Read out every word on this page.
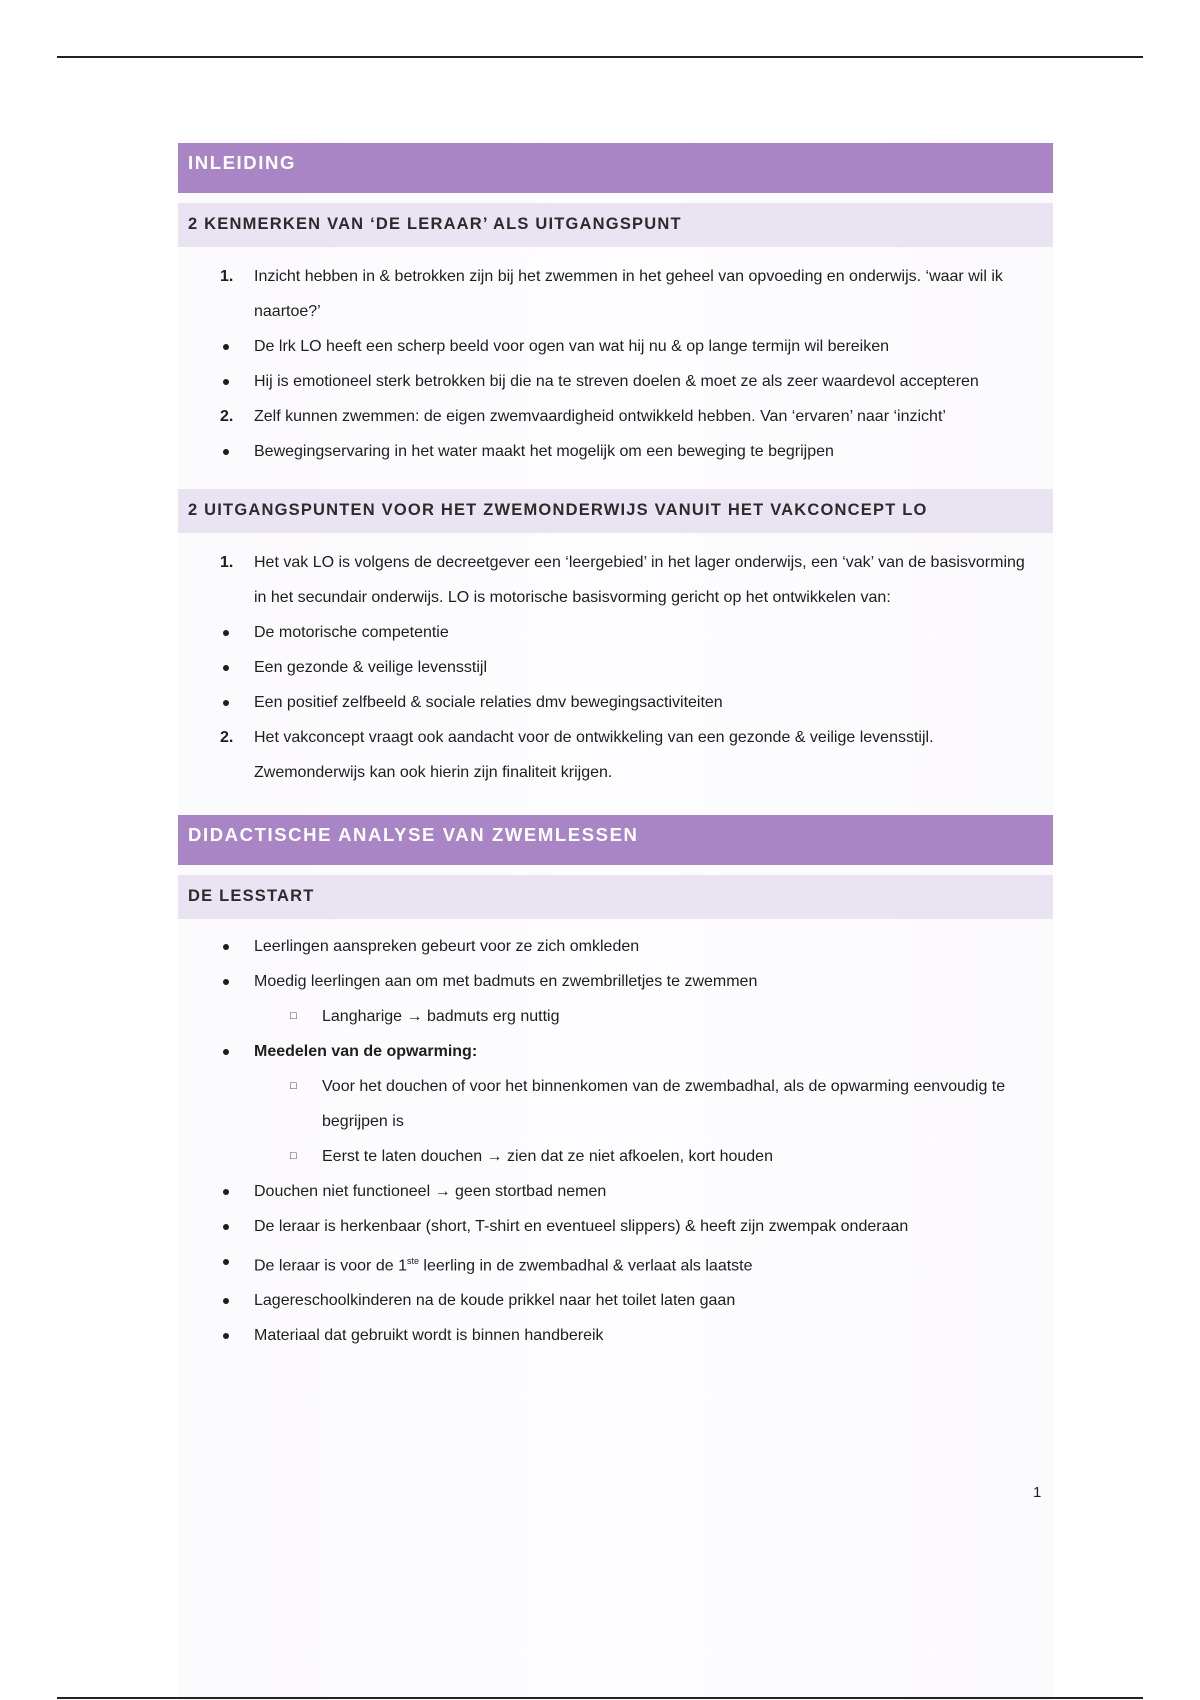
INLEIDING
2 KENMERKEN VAN ‘DE LERAAR’ ALS UITGANGSPUNT
1. Inzicht hebben in & betrokken zijn bij het zwemmen in het geheel van opvoeding en onderwijs. ‘waar wil ik naartoe?’
De lrk LO heeft een scherp beeld voor ogen van wat hij nu & op lange termijn wil bereiken
Hij is emotioneel sterk betrokken bij die na te streven doelen & moet ze als zeer waardevol accepteren
2. Zelf kunnen zwemmen: de eigen zwemvaardigheid ontwikkeld hebben. Van ‘ervaren’ naar ‘inzicht’
Bewegingservaring in het water maakt het mogelijk om een beweging te begrijpen
2 UITGANGSPUNTEN VOOR HET ZWEMONDERWIJS VANUIT HET VAKCONCEPT LO
1. Het vak LO is volgens de decreetgever een ‘leergebied’ in het lager onderwijs, een ‘vak’ van de basisvorming in het secundair onderwijs. LO is motorische basisvorming gericht op het ontwikkelen van:
De motorische competentie
Een gezonde & veilige levensstijl
Een positief zelfbeeld & sociale relaties dmv bewegingsactiviteiten
2. Het vakconcept vraagt ook aandacht voor de ontwikkeling van een gezonde & veilige levensstijl. Zwemonderwijs kan ook hierin zijn finaliteit krijgen.
DIDACTISCHE ANALYSE VAN ZWEMLESSEN
DE LESSTART
Leerlingen aanspreken gebeurt voor ze zich omkleden
Moedig leerlingen aan om met badmuts en zwembrilletjes te zwemmen
□ Langharige → badmuts erg nuttig
Meedelen van de opwarming:
□ Voor het douchen of voor het binnenkomen van de zwembadhal, als de opwarming eenvoudig te begrijpen is
□ Eerst te laten douchen → zien dat ze niet afkoelen, kort houden
Douchen niet functioneel → geen stortbad nemen
De leraar is herkenbaar (short, T-shirt en eventueel slippers) & heeft zijn zwempak onderaan
De leraar is voor de 1ste leerling in de zwembadhal & verlaat als laatste
Lagereschoolkinderen na de koude prikkel naar het toilet laten gaan
Materiaal dat gebruikt wordt is binnen handbereik
1
